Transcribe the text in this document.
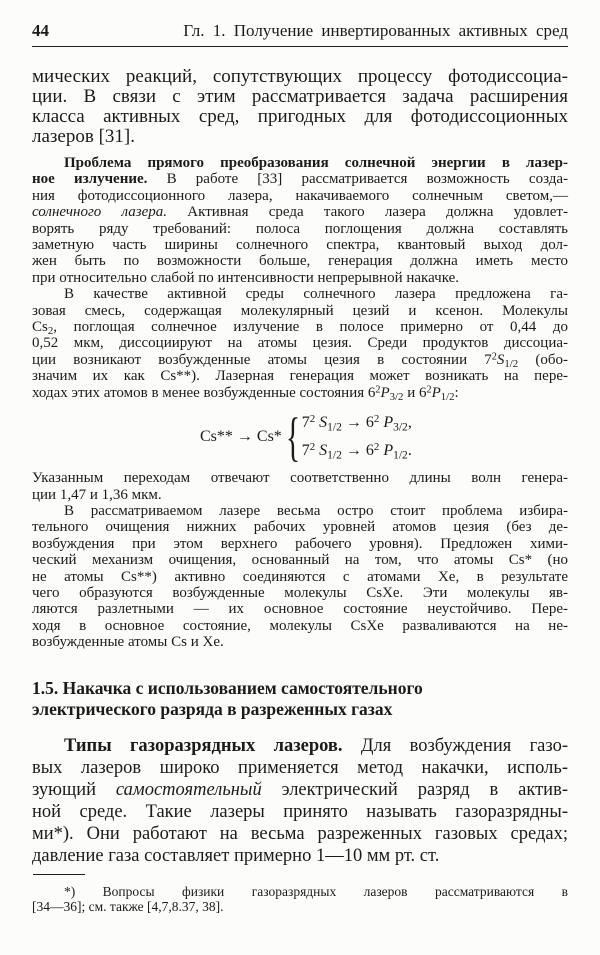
44	Гл. 1. Получение инвертированных активных сред
мических реакций, сопутствующих процессу фотодиссоциа-
ции. В связи с этим рассматривается задача расширения
класса активных сред, пригодных для фотодиссоционных
лазеров [31].
Проблема прямого преобразования солнечной энергии в лазер-
ное излучение. В работе [33] рассматривается возможность созда-
ния фотодиссоционного лазера, накачиваемого солнечным светом,—
солнечного лазера. Активная среда такого лазера должна удовлет-
ворять ряду требований: полоса поглощения должна составлять
заметную часть ширины солнечного спектра, квантовый выход дол-
жен быть по возможности больше, генерация должна иметь место
при относительно слабой по интенсивности непрерывной накачке.
В качестве активной среды солнечного лазера предложена га-
зовая смесь, содержащая молекулярный цезий и ксенон. Молекулы
$Cs_2$, поглощая солнечное излучение в полосе примерно от 0,44 до
0,52 мкм, диссоциируют на атомы цезия. Среди продуктов диссоциа-
ции возникают возбужденные атомы цезия в состоянии $7^2S_{1/2}$ (обо-
значим их как Cs**). Лазерная генерация может возникать на пере-
ходах этих атомов в менее возбужденные состояния $6^2P_{3/2}$ и $6^2P_{1/2}$:
Cs** → Cs* { $7^2$ $S_{1/2} \to 6^2$ $P_{3/2}$,
$7^2$ $S_{1/2} \to 6^2$ $P_{1/2}$.
Указанным переходам отвечают соответственно длины волн генера-
ции 1,47 и 1,36 мкм.
В рассматриваемом лазере весьма остро стоит проблема избира-
тельного очищения нижних рабочих уровней атомов цезия (без де-
возбуждения при этом верхнего рабочего уровня). Предложен хими-
ческий механизм очищения, основанный на том, что атомы Cs* (но
не атомы Cs**) активно соединяются с атомами Xe, в результате
чего образуются возбужденные молекулы CsXe. Эти молекулы яв-
ляются разлетными — их основное состояние неустойчиво. Пере-
ходя в основное состояние, молекулы CsXe разваливаются на не-
возбужденные атомы Cs и Xe.
1.5. Накачка с использованием самостоятельного
электрического разряда в разреженных газах
Типы газоразрядных лазеров. Для возбуждения газо-
вых лазеров широко применяется метод накачки, исполь-
зующий самостоятельный электрический разряд в актив-
ной среде. Такие лазеры принято называть газоразрядны-
ми*). Они работают на весьма разреженных газовых средах;
давление газа составляет примерно 1—10 мм рт. ст.
*) Вопросы физики газоразрядных лазеров рассматриваются в
[34—36]; см. также [4,7,8.37, 38].
